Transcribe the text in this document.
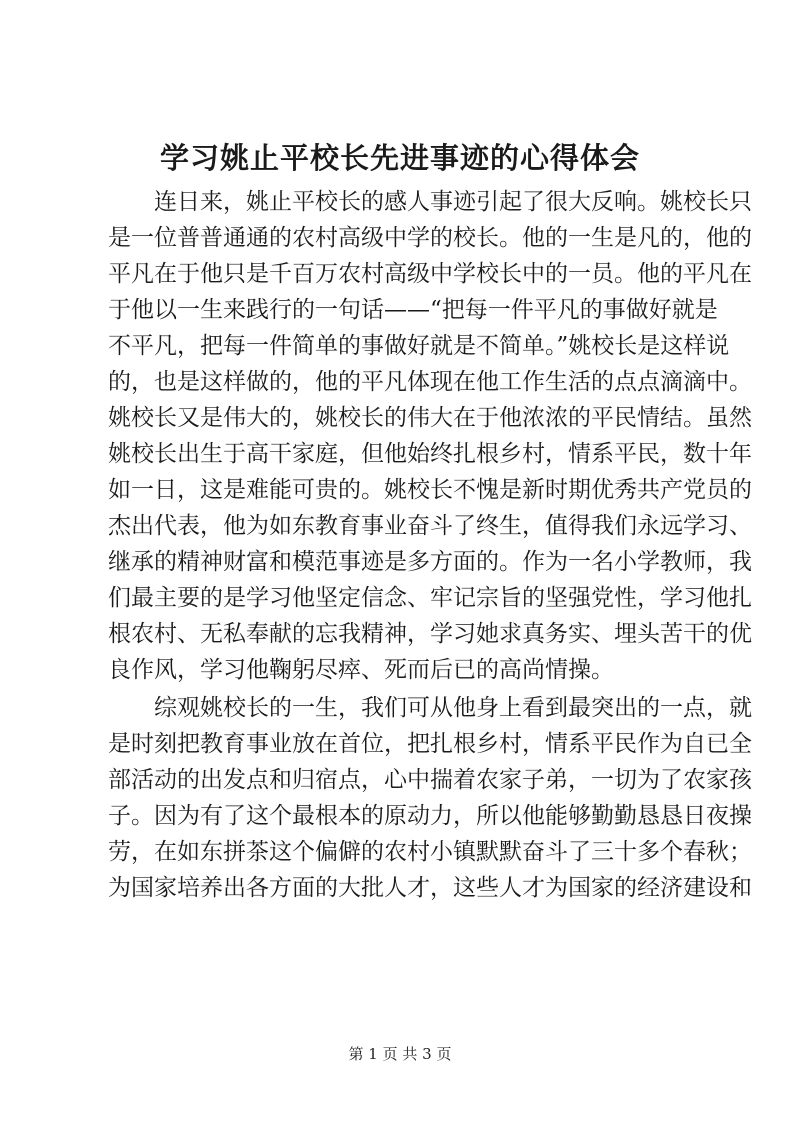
学习姚止平校长先进事迹的心得体会
连日来，姚止平校长的感人事迹引起了很大反响。姚校长只
是一位普普通通的农村高级中学的校长。他的一生是凡的，他的
平凡在于他只是千百万农村高级中学校长中的一员。他的平凡在
于他以一生来践行的一句话——“把每一件平凡的事做好就是
不平凡，把每一件简单的事做好就是不简单。”姚校长是这样说
的，也是这样做的，他的平凡体现在他工作生活的点点滴滴中。
姚校长又是伟大的，姚校长的伟大在于他浓浓的平民情结。虽然
姚校长出生于高干家庭，但他始终扎根乡村，情系平民，数十年
如一日，这是难能可贵的。姚校长不愧是新时期优秀共产党员的
杰出代表，他为如东教育事业奋斗了终生，值得我们永远学习、
继承的精神财富和模范事迹是多方面的。作为一名小学教师，我
们最主要的是学习他坚定信念、牢记宗旨的坚强党性，学习他扎
根农村、无私奉献的忘我精神，学习她求真务实、埋头苦干的优
良作风，学习他鞠躬尽瘁、死而后已的高尚情操。
综观姚校长的一生，我们可从他身上看到最突出的一点，就
是时刻把教育事业放在首位，把扎根乡村，情系平民作为自已全
部活动的出发点和归宿点，心中揣着农家子弟，一切为了农家孩
子。因为有了这个最根本的原动力，所以他能够勤勤恳恳日夜操
劳，在如东拼茶这个偏僻的农村小镇默默奋斗了三十多个春秋；
为国家培养出各方面的大批人才，这些人才为国家的经济建设和
第 1 页 共 3 页
